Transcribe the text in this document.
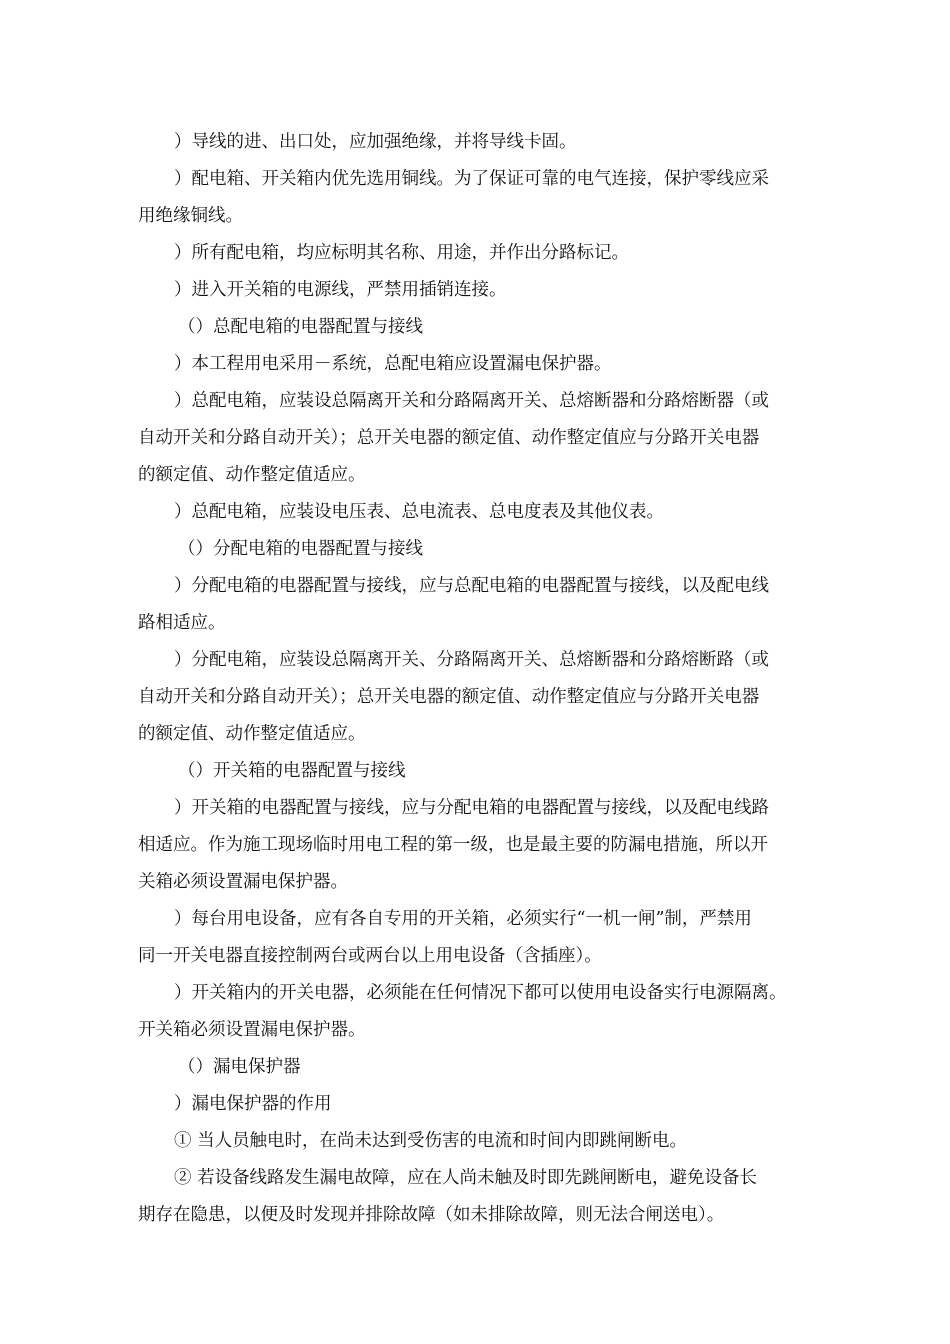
）导线的进、出口处，应加强绝缘，并将导线卡固。

）配电箱、开关箱内优先选用铜线。为了保证可靠的电气连接，保护零线应采

用绝缘铜线。

）所有配电箱，均应标明其名称、用途，并作出分路标记。

）进入开关箱的电源线，严禁用插销连接。

（）总配电箱的电器配置与接线

）本工程用电采用－系统，总配电箱应设置漏电保护器。

）总配电箱，应装设总隔离开关和分路隔离开关、总熔断器和分路熔断器（或

自动开关和分路自动开关）；总开关电器的额定值、动作整定值应与分路开关电器

的额定值、动作整定值适应。

）总配电箱，应装设电压表、总电流表、总电度表及其他仪表。

（）分配电箱的电器配置与接线

）分配电箱的电器配置与接线，应与总配电箱的电器配置与接线，以及配电线

路相适应。

）分配电箱，应装设总隔离开关、分路隔离开关、总熔断器和分路熔断路（或

自动开关和分路自动开关）；总开关电器的额定值、动作整定值应与分路开关电器

的额定值、动作整定值适应。

（）开关箱的电器配置与接线

）开关箱的电器配置与接线，应与分配电箱的电器配置与接线，以及配电线路

相适应。作为施工现场临时用电工程的第一级，也是最主要的防漏电措施，所以开

关箱必须设置漏电保护器。

）每台用电设备，应有各自专用的开关箱，必须实行“一机一闸”制，严禁用

同一开关电器直接控制两台或两台以上用电设备（含插座）。

）开关箱内的开关电器，必须能在任何情况下都可以使用电设备实行电源隔离。

开关箱必须设置漏电保护器。

（）漏电保护器

）漏电保护器的作用

① 当人员触电时，在尚未达到受伤害的电流和时间内即跳闸断电。

② 若设备线路发生漏电故障，应在人尚未触及时即先跳闸断电，避免设备长

期存在隐患，以便及时发现并排除故障（如未排除故障，则无法合闸送电）。
